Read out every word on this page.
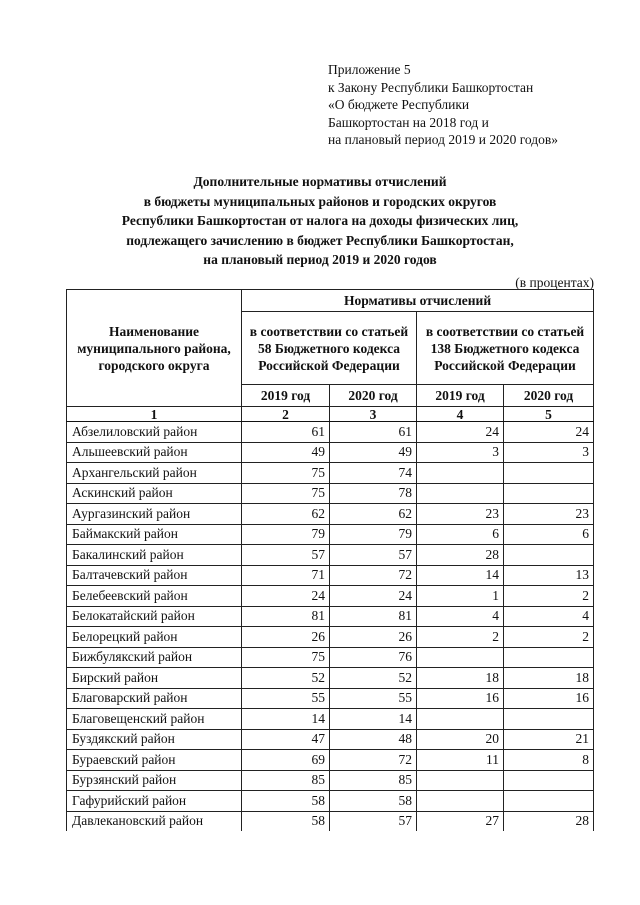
Приложение 5
к Закону Республики Башкортостан
«О бюджете Республики
Башкортостан на 2018 год и
на плановый период 2019 и 2020 годов»
Дополнительные нормативы отчислений
в бюджеты муниципальных районов и городских округов
Республики Башкортостан от налога на доходы физических лиц,
подлежащего зачислению в бюджет Республики Башкортостан,
на плановый период 2019 и 2020 годов
(в процентах)
Наименование муниципального района, городского округа	Нормативы отчислений			
	в соответствии со статьей 58 Бюджетного кодекса Российской Федерации		в соответствии со статьей 138 Бюджетного кодекса Российской Федерации	
	2019 год	2020 год	2019 год	2020 год
1	2	3	4	5
Абзелиловский район	61	61	24	24
Альшеевский район	49	49	3	3
Архангельский район	75	74		
Аскинский район	75	78		
Аургазинский район	62	62	23	23
Баймакский район	79	79	6	6
Бакалинский район	57	57	28	
Балтачевский район	71	72	14	13
Белебеевский район	24	24	1	2
Белокатайский район	81	81	4	4
Белорецкий район	26	26	2	2
Бижбулякский район	75	76		
Бирский район	52	52	18	18
Благоварский район	55	55	16	16
Благовещенский район	14	14		
Буздякский район	47	48	20	21
Бураевский район	69	72	11	8
Бурзянский район	85	85		
Гафурийский район	58	58		
Давлекановский район	58	57	27	28
